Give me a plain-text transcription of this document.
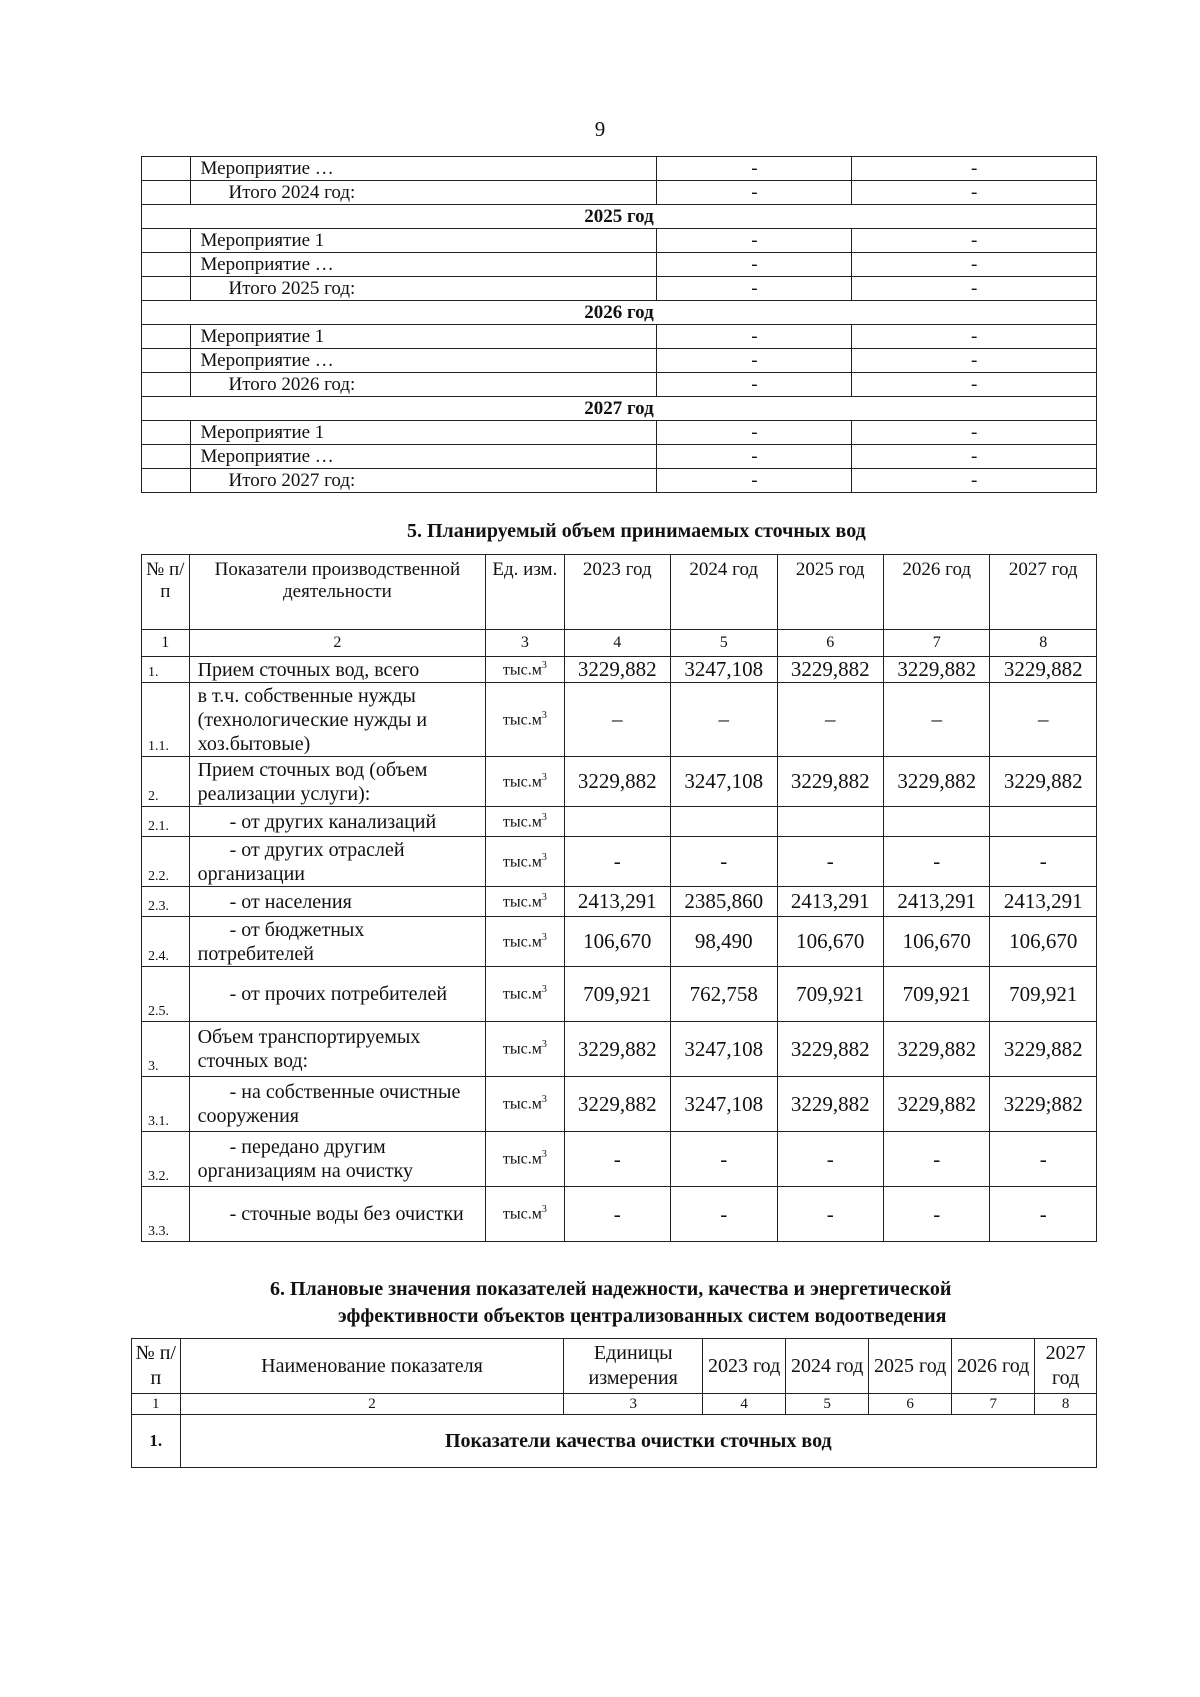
9
	Мероприятие …	-	-
	Итого 2024 год:	-	-
2025 год			
	Мероприятие 1	-	-
	Мероприятие …	-	-
	Итого 2025 год:	-	-
2026 год			
	Мероприятие 1	-	-
	Мероприятие …	-	-
	Итого 2026 год:	-	-
2027 год			
	Мероприятие 1	-	-
	Мероприятие …	-	-
	Итого 2027 год:	-	-
5. Планируемый объем принимаемых сточных вод
№ п/п	Показатели производственной деятельности	Ед. изм.	2023 год	2024 год	2025 год	2026 год	2027 год
1	2	3	4	5	6	7	8
1.	Прием сточных вод, всего	$тыс.м^3$	3229,882	3247,108	3229,882	3229,882	3229,882
1.1.	в т.ч. собственные нужды (технологические нужды и хоз.бытовые)	$тыс.м^3$	–	–	–	–	–
2.	Прием сточных вод (объем реализации услуги):	$тыс.м^3$	3229,882	3247,108	3229,882	3229,882	3229,882
2.1.	- от других канализаций	$тыс.м^3$					
2.2.	- от других отраслей организации	$тыс.м^3$	-	-	-	-	-
2.3.	- от населения	$тыс.м^3$	2413,291	2385,860	2413,291	2413,291	2413,291
2.4.	- от бюджетных потребителей	$тыс.м^3$	106,670	98,490	106,670	106,670	106,670
2.5.	- от прочих потребителей	$тыс.м^3$	709,921	762,758	709,921	709,921	709,921
3.	Объем транспортируемых сточных вод:	$тыс.м^3$	3229,882	3247,108	3229,882	3229,882	3229,882
3.1.	- на собственные очистные сооружения	$тыс.м^3$	3229,882	3247,108	3229,882	3229,882	3229;882
3.2.	- передано другим организациям на очистку	$тыс.м^3$	-	-	-	-	-
3.3.	- сточные воды без очистки	$тыс.м^3$	-	-	-	-	-
6. Плановые значения показателей надежности, качества и энергетической
эффективности объектов централизованных систем водоотведения
№ п/п	Наименование показателя	Единицы измерения	2023 год	2024 год	2025 год	2026 год	2027 год
1	2	3	4	5	6	7	8
1.	Показатели качества очистки сточных вод						
